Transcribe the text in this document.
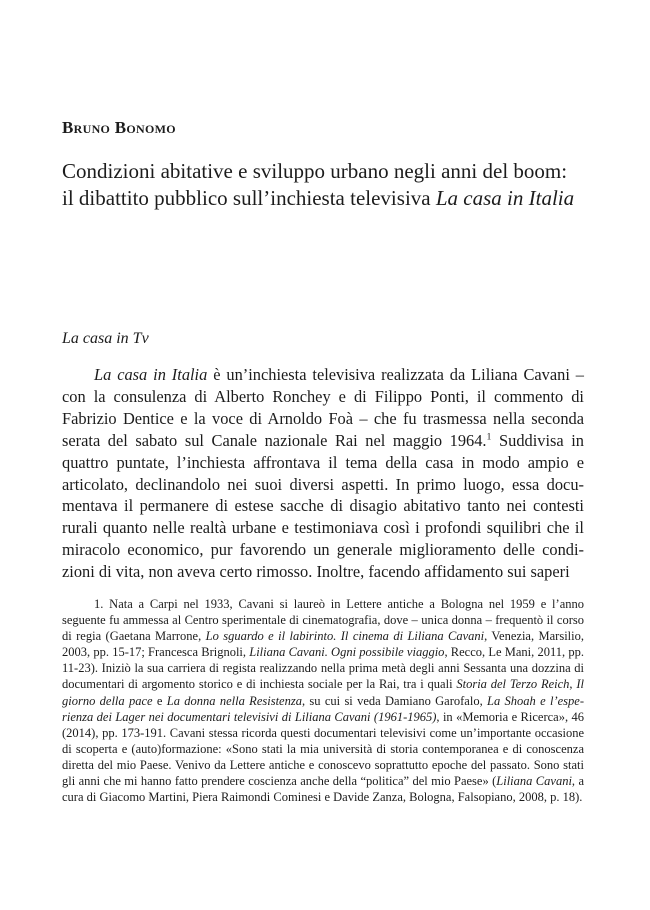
Bruno Bonomo
Condizioni abitative e sviluppo urbano negli anni del boom:
il dibattito pubblico sull’inchiesta televisiva La casa in Italia
La casa in Tv

La casa in Italia è un’inchiesta televisiva realizzata da Liliana Cavani – con la consulenza di Alberto Ronchey e di Filippo Ponti, il commento di Fabrizio Dentice e la voce di Arnoldo Foà – che fu trasmessa nella seconda serata del sabato sul Canale nazionale Rai nel maggio 1964.$^1$ Suddivisa in quattro puntate, l’inchiesta affrontava il tema della casa in modo ampio e articolato, declinandolo nei suoi diversi aspetti. In primo luogo, essa documentava il permanere di estese sacche di disagio abitativo tanto nei contesti rurali quanto nelle realtà urbane e testimoniava così i profondi squilibri che il miracolo economico, pur favorendo un generale miglioramento delle condizioni di vita, non aveva certo rimosso. Inoltre, facendo affidamento sui saperi

1. Nata a Carpi nel 1933, Cavani si laureò in Lettere antiche a Bologna nel 1959 e l’anno seguente fu ammessa al Centro sperimentale di cinematografia, dove – unica donna – frequentò il corso di regia (Gaetana Marrone, Lo sguardo e il labirinto. Il cinema di Liliana Cavani, Venezia, Marsilio, 2003, pp. 15-17; Francesca Brignoli, Liliana Cavani. Ogni possibile viaggio, Recco, Le Mani, 2011, pp. 11-23). Iniziò la sua carriera di regista realizzando nella prima metà degli anni Sessanta una dozzina di documentari di argomento storico e di inchiesta sociale per la Rai, tra i quali Storia del Terzo Reich, Il giorno della pace e La donna nella Resistenza, su cui si veda Damiano Garofalo, La Shoah e l’esperienza dei Lager nei documentari televisivi di Liliana Cavani (1961-1965), in «Memoria e Ricerca», 46 (2014), pp. 173-191. Cavani stessa ricorda questi documentari televisivi come un’importante occasione di scoperta e (auto)formazione: «Sono stati la mia università di storia contemporanea e di conoscenza diretta del mio Paese. Venivo da Lettere antiche e conoscevo soprattutto epoche del passato. Sono stati gli anni che mi hanno fatto prendere coscienza anche della “politica” del mio Paese» (Liliana Cavani, a cura di Giacomo Martini, Piera Raimondi Cominesi e Davide Zanza, Bologna, Falsopiano, 2008, p. 18).
